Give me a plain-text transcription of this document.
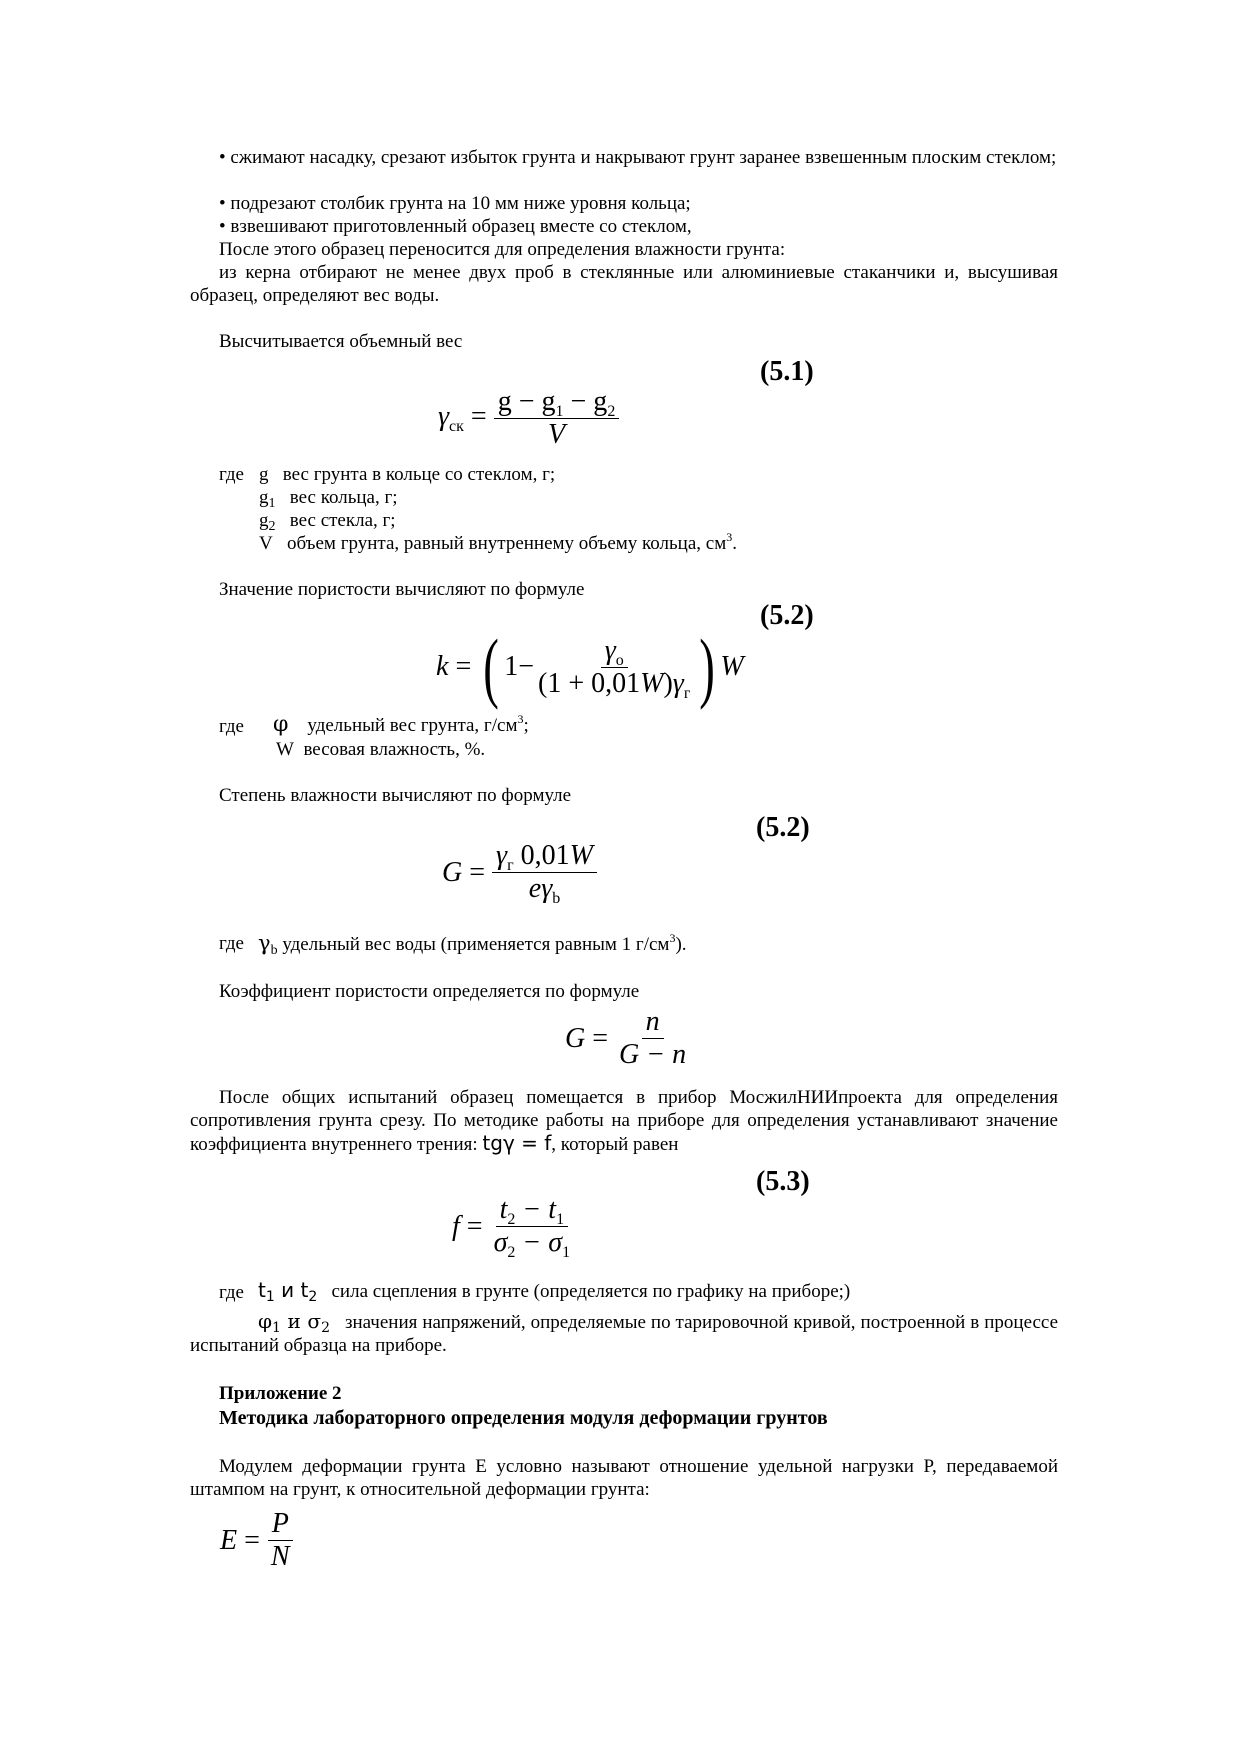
• сжимают насадку, срезают избыток грунта и накрывают грунт заранее взвешенным плоским стеклом;

• подрезают столбик грунта на 10 мм ниже уровня кольца;

• взвешивают приготовленный образец вместе со стеклом,

После этого образец переносится для определения влажности грунта:

из керна отбирают не менее двух проб в стеклянные или алюминиевые стаканчики и, высушивая образец, определяют вес воды.

Высчитывается объемный вес

(5.1)
$\gamma_{ск} = \frac{g - g_1 - g_2}{V}$
где g вес грунта в кольце со стеклом, г;
$g_1$ вес кольца, г;
$g_2$ вес стекла, г;
V объем грунта, равный внутреннему объему кольца, $см^3$.

Значение пористости вычисляют по формуле

(5.2)
k = ( $1- \frac{\gamma_о}{(1 + 0,01W)\gamma_г}$ ) W
где φ удельный вес грунта, $г/см^3$;
W весовая влажность, %.

Степень влажности вычисляют по формуле

(5.2)
$G = \frac{\gamma_г 0,01W}{e\gamma_b}$
где $\gamma_b$ удельный вес воды (применяется равным 1 $г/см^3$).

Коэффициент пористости определяется по формуле

$G = \frac{n}{G - n}$

После общих испытаний образец помещается в прибор МосжилНИИпроекта для определения сопротивления грунта срезу. По методике работы на приборе для определения устанавливают значение коэффициента внутреннего трения: tgγ = f, который равен

(5.3)
$f = \frac{t_2 - t_1}{\sigma_2 - \sigma_1}$
где $t_1$ и $t_2$ сила сцепления в грунте (определяется по графику на приборе;)

$\varphi_1$ и $\sigma_2$ значения напряжений, определяемые по тарировочной кривой, построенной в процессе испытаний образца на приборе.

Приложение 2

Методика лабораторного определения модуля деформации грунтов

Модулем деформации грунта E условно называют отношение удельной нагрузки P, передаваемой штампом на грунт, к относительной деформации грунта:

$E = \frac{P}{N}$
